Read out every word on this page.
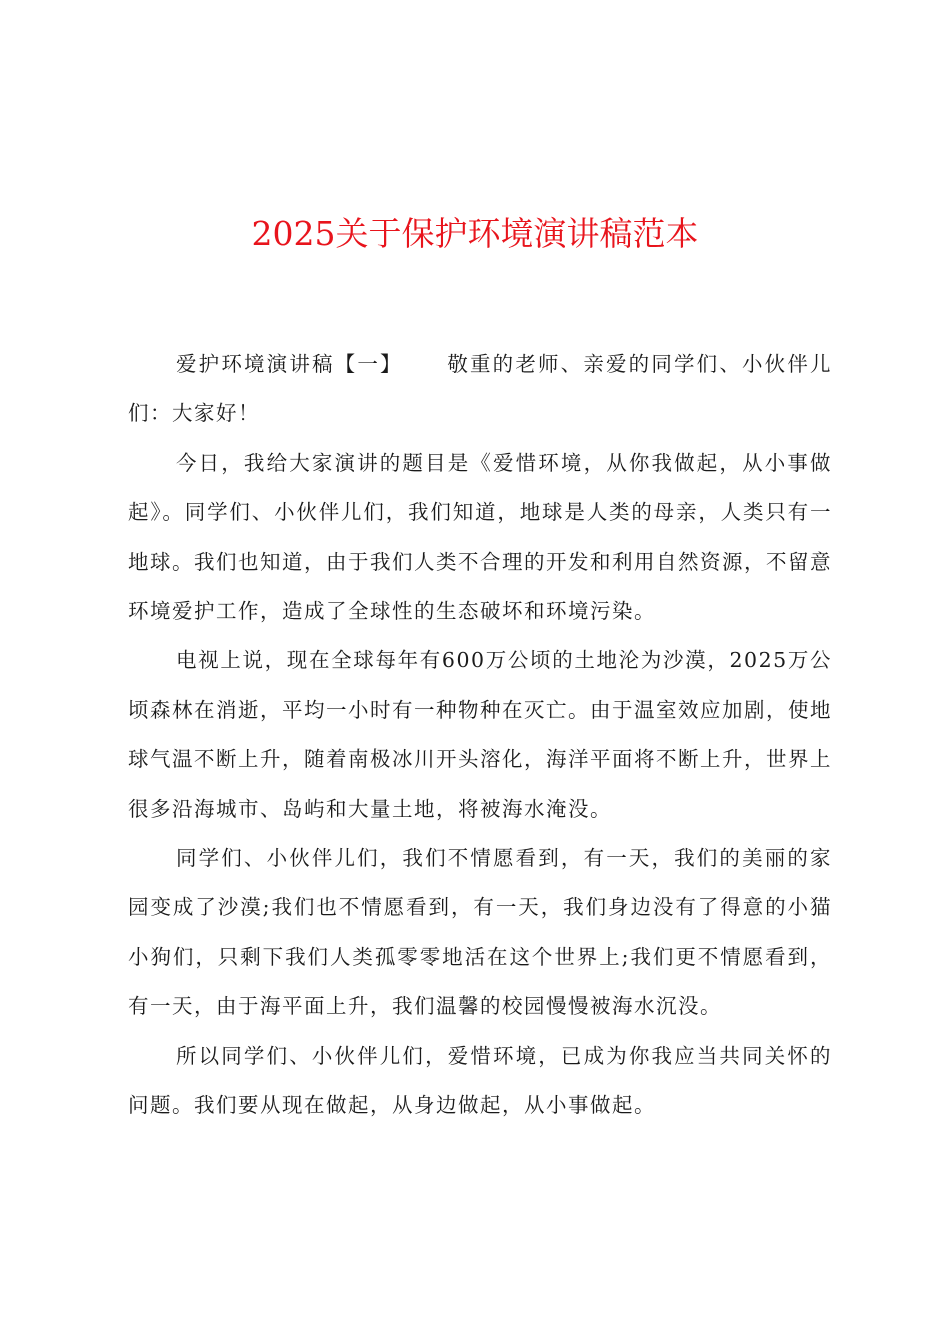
2025关于保护环境演讲稿范本

爱护环境演讲稿【一】 敬重的老师、亲爱的同学们、小伙伴儿们：大家好！

今日，我给大家演讲的题目是《爱惜环境，从你我做起，从小事做起》。同学们、小伙伴儿们，我们知道，地球是人类的母亲，人类只有一地球。我们也知道，由于我们人类不合理的开发和利用自然资源，不留意环境爱护工作，造成了全球性的生态破坏和环境污染。

电视上说，现在全球每年有600万公顷的土地沦为沙漠，2025万公顷森林在消逝，平均一小时有一种物种在灭亡。由于温室效应加剧，使地球气温不断上升，随着南极冰川开头溶化，海洋平面将不断上升，世界上很多沿海城市、岛屿和大量土地，将被海水淹没。

同学们、小伙伴儿们，我们不情愿看到，有一天，我们的美丽的家园变成了沙漠;我们也不情愿看到，有一天，我们身边没有了得意的小猫小狗们，只剩下我们人类孤零零地活在这个世界上;我们更不情愿看到，有一天，由于海平面上升，我们温馨的校园慢慢被海水沉没。

所以同学们、小伙伴儿们，爱惜环境，已成为你我应当共同关怀的问题。我们要从现在做起，从身边做起，从小事做起。
